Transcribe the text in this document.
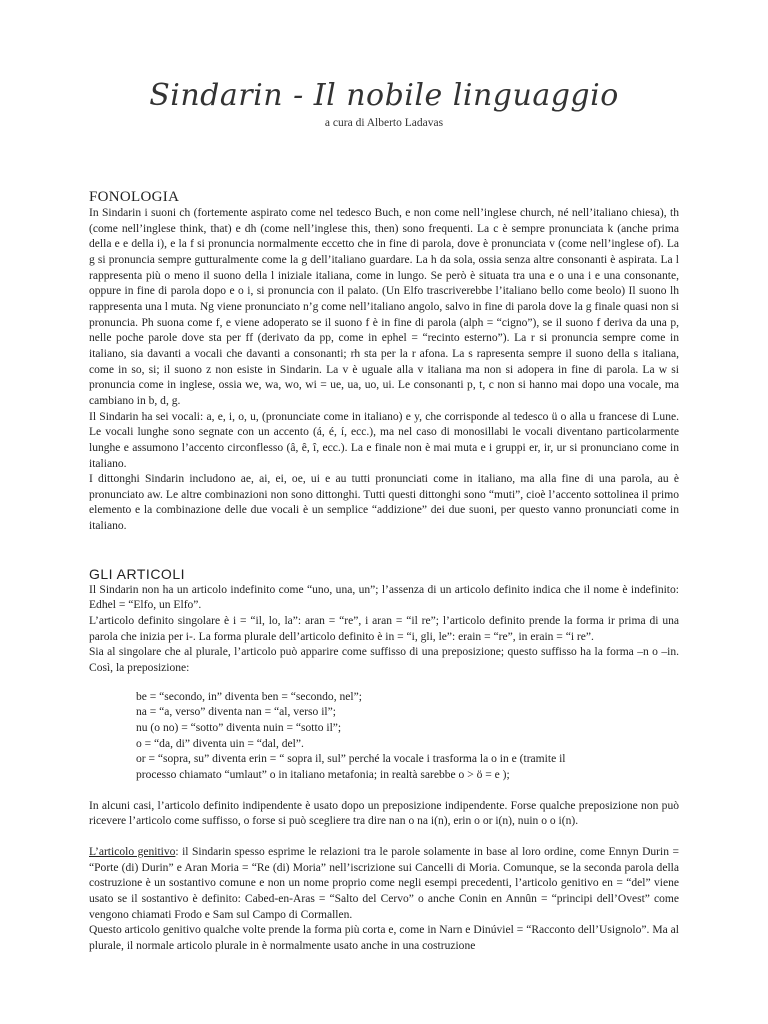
Sindarin - Il nobile linguaggio
a cura di Alberto Ladavas
FONOLOGIA

In Sindarin i suoni ch (fortemente aspirato come nel tedesco Buch, e non come nell’inglese church, né nell’italiano chiesa), th (come nell’inglese think, that) e dh (come nell’inglese this, then) sono frequenti. La c è sempre pronunciata k (anche prima della e e della i), e la f si pronuncia normalmente eccetto che in fine di parola, dove è pronunciata v (come nell’inglese of). La g si pronuncia sempre gutturalmente come la g dell’italiano guardare. La h da sola, ossia senza altre consonanti è aspirata. La l rappresenta più o meno il suono della l iniziale italiana, come in lungo. Se però è situata tra una e o una i e una consonante, oppure in fine di parola dopo e o i, si pronuncia con il palato. (Un Elfo trascriverebbe l’italiano bello come beolo) Il suono lh rappresenta una l muta. Ng viene pronunciato n’g come nell’italiano angolo, salvo in fine di parola dove la g finale quasi non si pronuncia. Ph suona come f, e viene adoperato se il suono f è in fine di parola (alph = “cigno”), se il suono f deriva da una p, nelle poche parole dove sta per ff (derivato da pp, come in ephel = “recinto esterno”). La r si pronuncia sempre come in italiano, sia davanti a vocali che davanti a consonanti; rh sta per la r afona. La s rapresenta sempre il suono della s italiana, come in so, si; il suono z non esiste in Sindarin. La v è uguale alla v italiana ma non si adopera in fine di parola. La w si pronuncia come in inglese, ossia we, wa, wo, wi = ue, ua, uo, ui. Le consonanti p, t, c non si hanno mai dopo una vocale, ma cambiano in b, d, g.

Il Sindarin ha sei vocali: a, e, i, o, u, (pronunciate come in italiano) e y, che corrisponde al tedesco ü o alla u francese di Lune. Le vocali lunghe sono segnate con un accento (á, é, í, ecc.), ma nel caso di monosillabi le vocali diventano particolarmente lunghe e assumono l’accento circonflesso (â, ê, î, ecc.). La e finale non è mai muta e i gruppi er, ir, ur si pronunciano come in italiano.

I dittonghi Sindarin includono ae, ai, ei, oe, ui e au tutti pronunciati come in italiano, ma alla fine di una parola, au è pronunciato aw. Le altre combinazioni non sono dittonghi. Tutti questi dittonghi sono “muti”, cioè l’accento sottolinea il primo elemento e la combinazione delle due vocali è un semplice “addizione” dei due suoni, per questo vanno pronunciati come in italiano.

GLI ARTICOLI

Il Sindarin non ha un articolo indefinito come “uno, una, un”; l’assenza di un articolo definito indica che il nome è indefinito: Edhel = “Elfo, un Elfo”.

L’articolo definito singolare è i = “il, lo, la”: aran = “re”, i aran = “il re”; l’articolo definito prende la forma ir prima di una parola che inizia per i-. La forma plurale dell’articolo definito è in = “i, gli, le”: erain = “re”, in erain = “i re”.

Sia al singolare che al plurale, l’articolo può apparire come suffisso di una preposizione; questo suffisso ha la forma –n o –in. Così, la preposizione:

be = “secondo, in” diventa ben = “secondo, nel”;

na = “a, verso” diventa nan = “al, verso il”;

nu (o no) = “sotto” diventa nuin = “sotto il”;

o = “da, di” diventa uin = “dal, del”.

or = “sopra, su” diventa erin = “ sopra il, sul” perché la vocale i trasforma la o in e (tramite il

processo chiamato “umlaut” o in italiano metafonia; in realtà sarebbe o > ö = e );

In alcuni casi, l’articolo definito indipendente è usato dopo un preposizione indipendente. Forse qualche preposizione non può ricevere l’articolo come suffisso, o forse si può scegliere tra dire nan o na i(n), erin o or i(n), nuin o o i(n).

L’articolo genitivo: il Sindarin spesso esprime le relazioni tra le parole solamente in base al loro ordine, come Ennyn Durin = “Porte (di) Durin” e Aran Moria = “Re (di) Moria” nell’iscrizione sui Cancelli di Moria. Comunque, se la seconda parola della costruzione è un sostantivo comune e non un nome proprio come negli esempi precedenti, l’articolo genitivo en = “del” viene usato se il sostantivo è definito: Cabed-en-Aras = “Salto del Cervo” o anche Conin en Annûn = “principi dell’Ovest” come vengono chiamati Frodo e Sam sul Campo di Cormallen.

Questo articolo genitivo qualche volte prende la forma più corta e, come in Narn e Dinúviel = “Racconto dell’Usignolo”. Ma al plurale, il normale articolo plurale in è normalmente usato anche in una costruzione
